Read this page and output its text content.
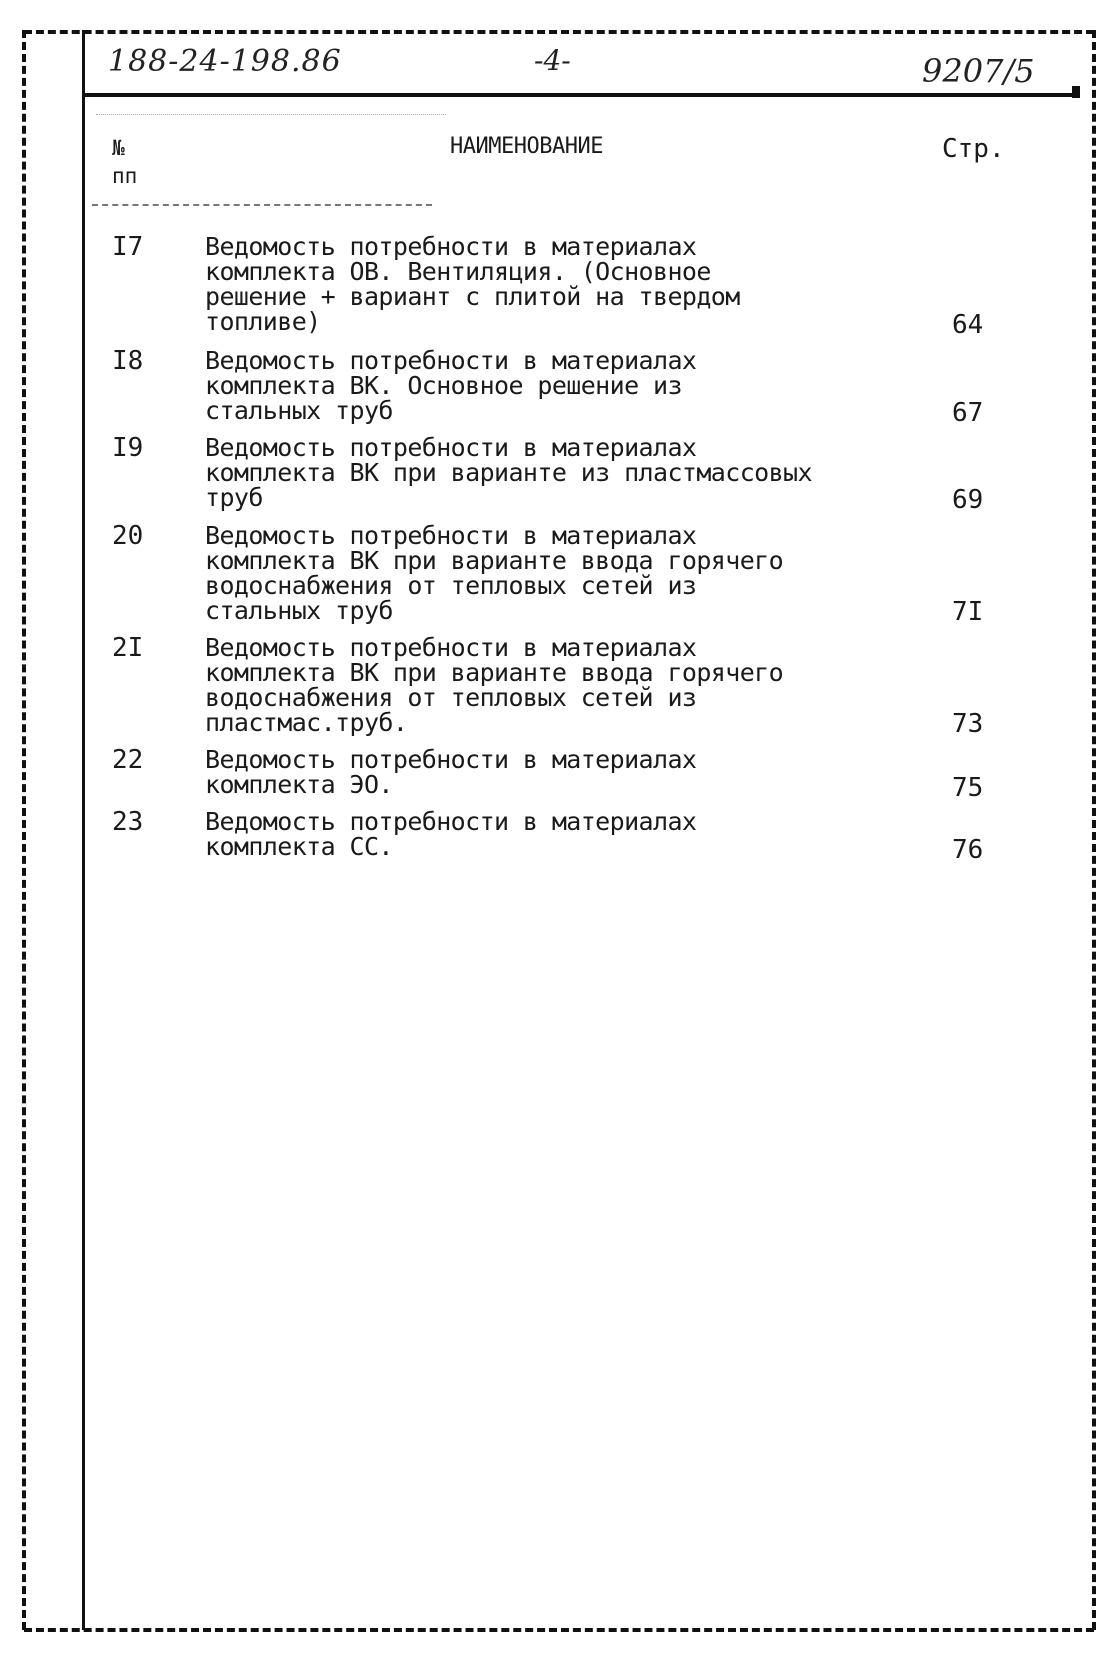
188-24-198.86	-4-	9207/5
№
пп
НАИМЕНОВАНИЕ	Стр.
I7 Ведомость потребности в материалах
комплекта ОВ. Вентиляция. (Основное
решение + вариант с плитой на твердом
топливе)	64
I8 Ведомость потребности в материалах
комплекта ВК. Основное решение из
стальных труб	67
I9 Ведомость потребности в материалах
комплекта ВК при варианте из пластмассовых
труб	69
20 Ведомость потребности в материалах
комплекта ВК при варианте ввода горячего
водоснабжения от тепловых сетей из
стальных труб	7I
2I Ведомость потребности в материалах
комплекта ВК при варианте ввода горячего
водоснабжения от тепловых сетей из
пластмас.труб.	73
22 Ведомость потребности в материалах
комплекта ЭО.	75
23 Ведомость потребности в материалах
комплекта СС.	76
